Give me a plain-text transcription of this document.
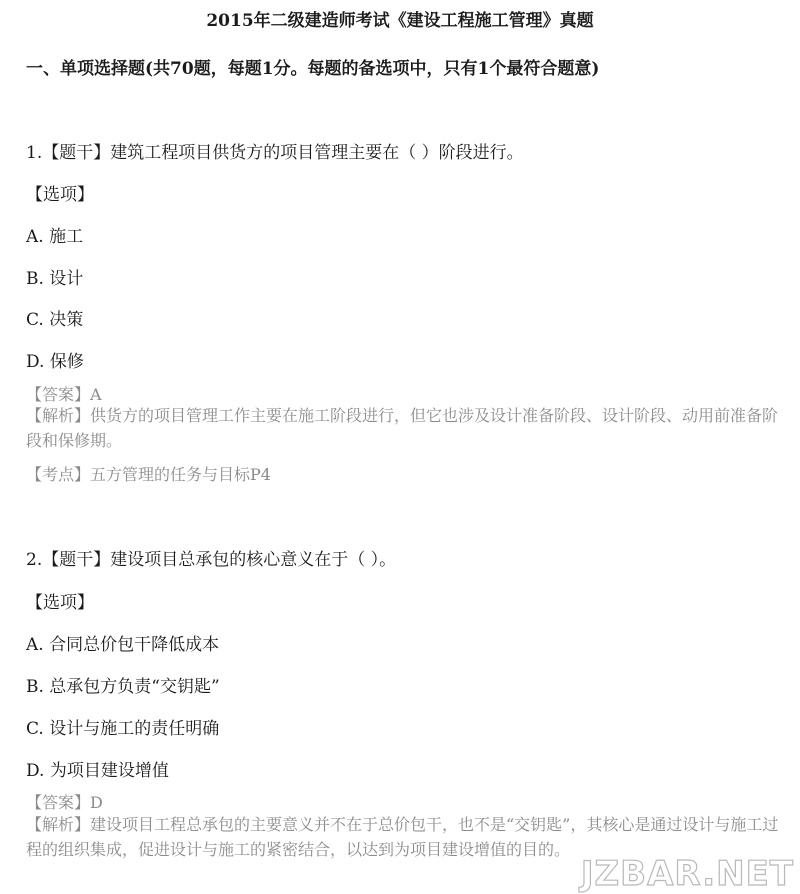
2015年二级建造师考试《建设工程施工管理》真题
一、单项选择题(共70题，每题1分。每题的备选项中，只有1个最符合题意)
1.【题干】建筑工程项目供货方的项目管理主要在（ ）阶段进行。
【选项】
A. 施工
B. 设计
C. 决策
D. 保修
【答案】A
【解析】供货方的项目管理工作主要在施工阶段进行，但它也涉及设计准备阶段、设计阶段、动用前准备阶段和保修期。
【考点】五方管理的任务与目标P4
2.【题干】建设项目总承包的核心意义在于（ ）。
【选项】
A. 合同总价包干降低成本
B. 总承包方负责“交钥匙”
C. 设计与施工的责任明确
D. 为项目建设增值
【答案】D
【解析】建设项目工程总承包的主要意义并不在于总价包干，也不是“交钥匙”，其核心是通过设计与施工过程的组织集成，促进设计与施工的紧密结合，以达到为项目建设增值的目的。
JZBAR.NET
